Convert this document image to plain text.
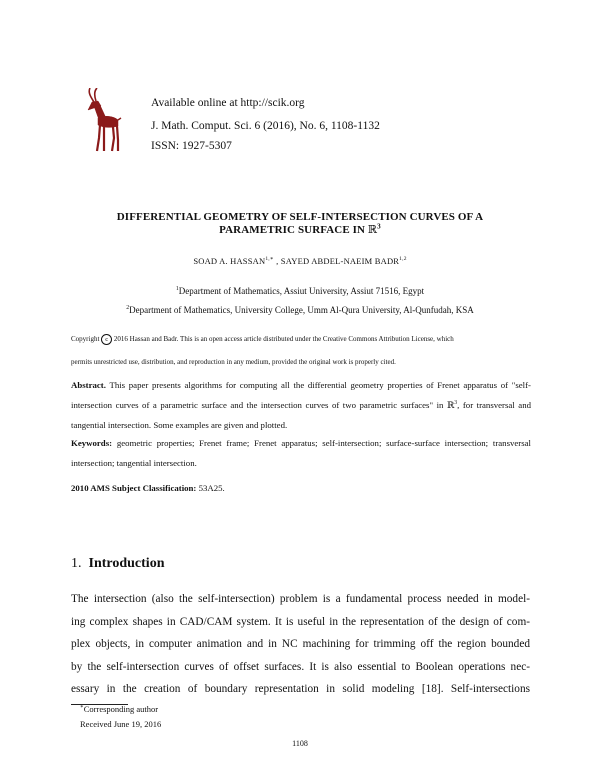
Available online at http://scik.org
J. Math. Comput. Sci. 6 (2016), No. 6, 1108-1132
ISSN: 1927-5307
DIFFERENTIAL GEOMETRY OF SELF-INTERSECTION CURVES OF A
PARAMETRIC SURFACE IN ℝ$^3$
SOAD A. $HASSAN^{1,∗}$ , SAYED ABDEL-NAEIM BADR$^{1,2}$
$^1$Department of Mathematics, Assiut University, Assiut 71516, Egypt
$^2$Department of Mathematics, University College, Umm Al-Qura University, Al-Qunfudah, KSA
Copyright c 2016 Hassan and Badr. This is an open access article distributed under the Creative Commons Attribution License, which
permits unrestricted use, distribution, and reproduction in any medium, provided the original work is properly cited.
Abstract. This paper presents algorithms for computing all the differential geometry properties of Frenet apparatus of "self-intersection curves of a parametric surface and the intersection curves of two parametric surfaces" in ℝ$^3$, for transversal and tangential intersection. Some examples are given and plotted.
Keywords: geometric properties; Frenet frame; Frenet apparatus; self-intersection; surface-surface intersection; transversal intersection; tangential intersection.
2010 AMS Subject Classification: 53A25.
1. Introduction
The intersection (also the self-intersection) problem is a fundamental process needed in model-
ing complex shapes in CAD/CAM system. It is useful in the representation of the design of com-
plex objects, in computer animation and in NC machining for trimming off the region bounded
by the self-intersection curves of offset surfaces. It is also essential to Boolean operations nec-
essary in the creation of boundary representation in solid modeling [18]. Self-intersections
∗Corresponding author
Received June 19, 2016
1108
